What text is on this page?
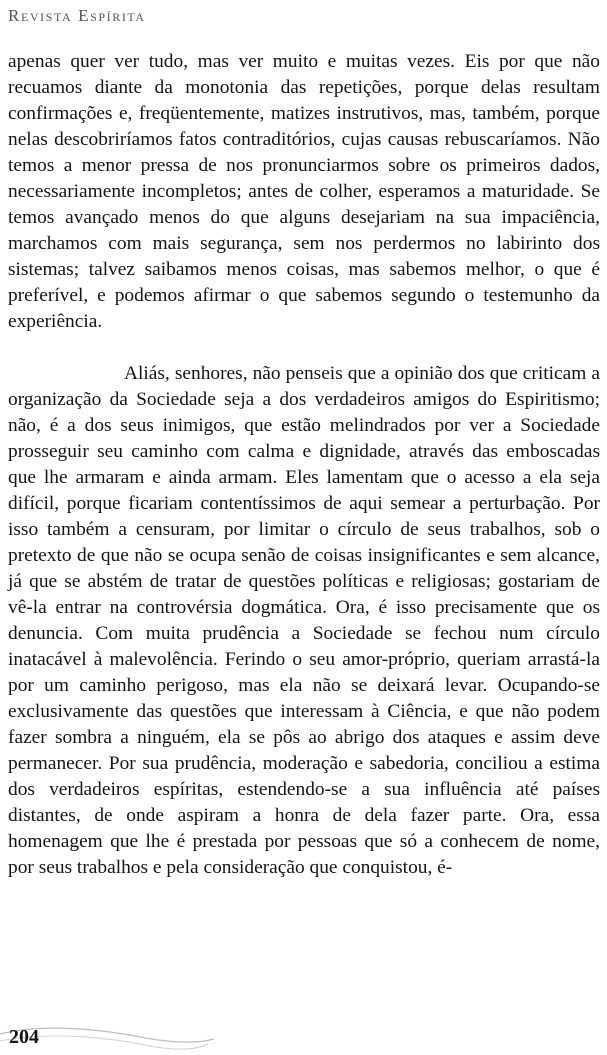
Revista Espírita

apenas quer ver tudo, mas ver muito e muitas vezes. Eis por que não recuamos diante da monotonia das repetições, porque delas resultam confirmações e, freqüentemente, matizes instrutivos, mas, também, porque nelas descobriríamos fatos contraditórios, cujas causas rebuscaríamos. Não temos a menor pressa de nos pronunciarmos sobre os primeiros dados, necessariamente incompletos; antes de colher, esperamos a maturidade. Se temos avançado menos do que alguns desejariam na sua impaciência, marchamos com mais segurança, sem nos perdermos no labirinto dos sistemas; talvez saibamos menos coisas, mas sabemos melhor, o que é preferível, e podemos afirmar o que sabemos segundo o testemunho da experiência.

Aliás, senhores, não penseis que a opinião dos que criticam a organização da Sociedade seja a dos verdadeiros amigos do Espiritismo; não, é a dos seus inimigos, que estão melindrados por ver a Sociedade prosseguir seu caminho com calma e dignidade, através das emboscadas que lhe armaram e ainda armam. Eles lamentam que o acesso a ela seja difícil, porque ficariam contentíssimos de aqui semear a perturbação. Por isso também a censuram, por limitar o círculo de seus trabalhos, sob o pretexto de que não se ocupa senão de coisas insignificantes e sem alcance, já que se abstém de tratar de questões políticas e religiosas; gostariam de vê-la entrar na controvérsia dogmática. Ora, é isso precisamente que os denuncia. Com muita prudência a Sociedade se fechou num círculo inatacável à malevolência. Ferindo o seu amor-próprio, queriam arrastá-la por um caminho perigoso, mas ela não se deixará levar. Ocupando-se exclusivamente das questões que interessam à Ciência, e que não podem fazer sombra a ninguém, ela se pôs ao abrigo dos ataques e assim deve permanecer. Por sua prudência, moderação e sabedoria, conciliou a estima dos verdadeiros espíritas, estendendo-se a sua influência até países distantes, de onde aspiram a honra de dela fazer parte. Ora, essa homenagem que lhe é prestada por pessoas que só a conhecem de nome, por seus trabalhos e pela consideração que conquistou, é-

204
